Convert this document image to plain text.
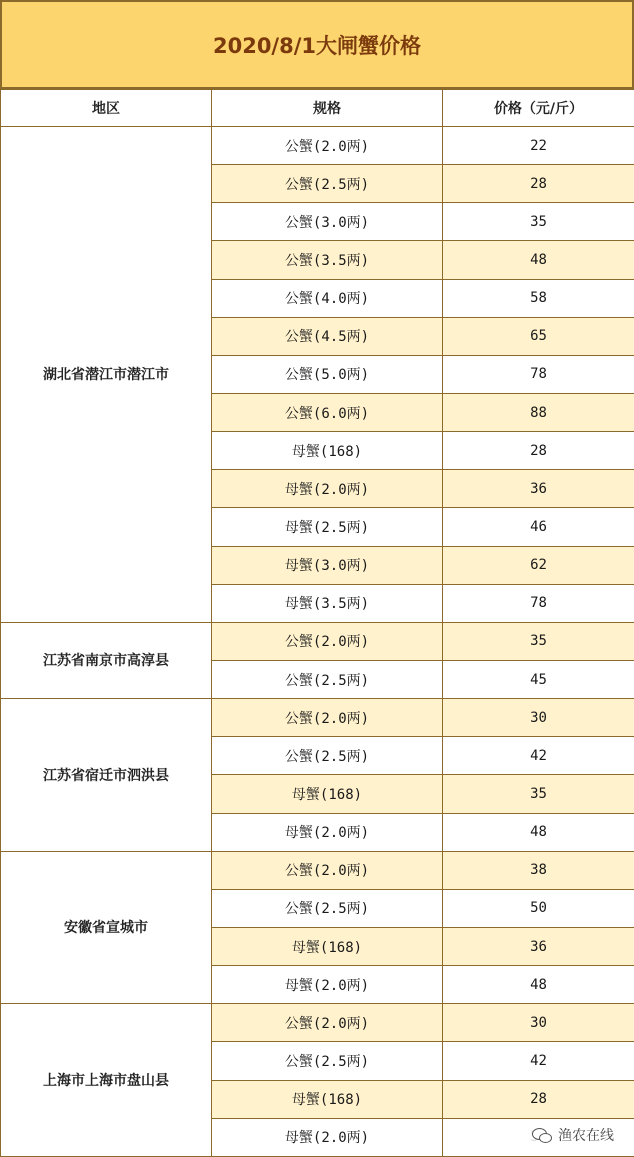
2020/8/1大闸蟹价格
地区	规格	价格（元/斤）
湖北省潜江市潜江市	公蟹(2.0两)	22
	公蟹(2.5两)	28
	公蟹(3.0两)	35
	公蟹(3.5两)	48
	公蟹(4.0两)	58
	公蟹(4.5两)	65
	公蟹(5.0两)	78
	公蟹(6.0两)	88
	母蟹(168)	28
	母蟹(2.0两)	36
	母蟹(2.5两)	46
	母蟹(3.0两)	62
	母蟹(3.5两)	78
江苏省南京市高淳县	公蟹(2.0两)	35
	公蟹(2.5两)	45
江苏省宿迁市泗洪县	公蟹(2.0两)	30
	公蟹(2.5两)	42
	母蟹(168)	35
	母蟹(2.0两)	48
安徽省宣城市	公蟹(2.0两)	38
	公蟹(2.5两)	50
	母蟹(168)	36
	母蟹(2.0两)	48
上海市上海市盘山县	公蟹(2.0两)	30
	公蟹(2.5两)	42
	母蟹(168)	28
	母蟹(2.0两)		渔农在线
